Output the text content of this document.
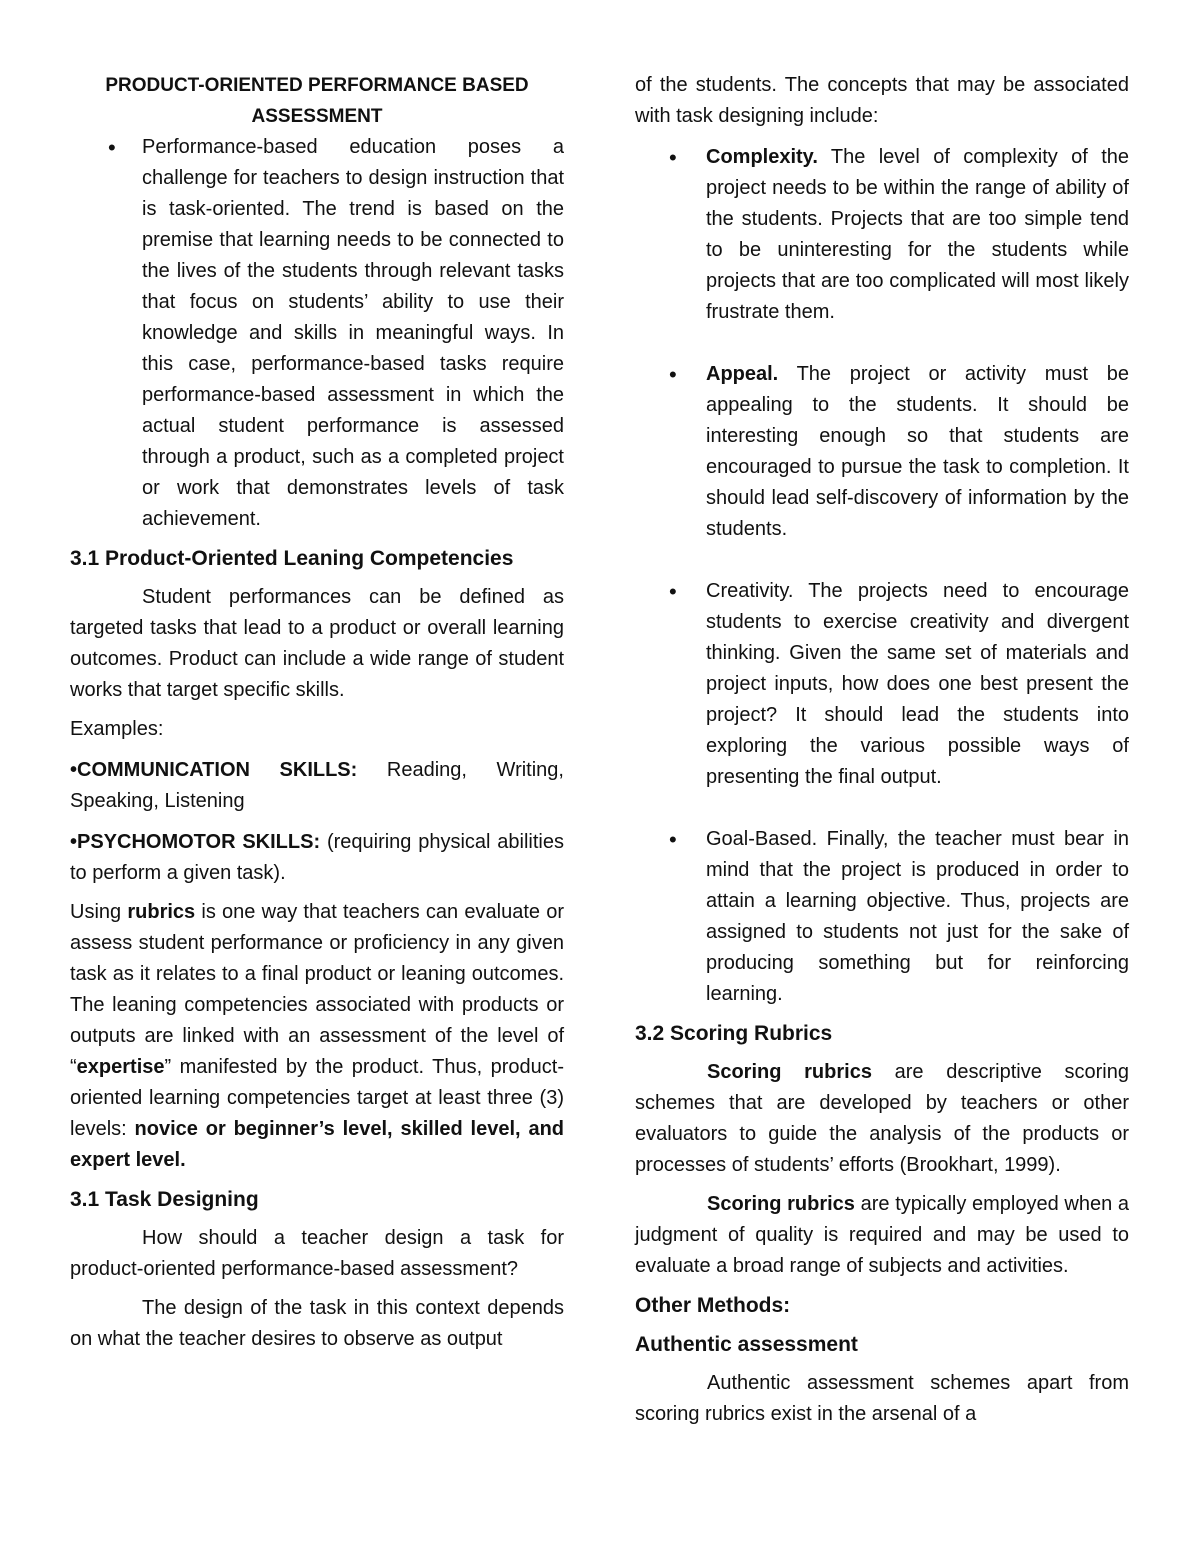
PRODUCT-ORIENTED PERFORMANCE BASED
ASSESSMENT

• Performance-based education poses a challenge for teachers to design instruction that is task-oriented. The trend is based on the premise that learning needs to be connected to the lives of the students through relevant tasks that focus on students’ ability to use their knowledge and skills in meaningful ways. In this case, performance-based tasks require performance-based assessment in which the actual student performance is assessed through a product, such as a completed project or work that demonstrates levels of task achievement.

3.1 Product-Oriented Leaning Competencies

Student performances can be defined as targeted tasks that lead to a product or overall learning outcomes. Product can include a wide range of student works that target specific skills.

Examples:

•COMMUNICATION SKILLS: Reading, Writing, Speaking, Listening

•PSYCHOMOTOR SKILLS: (requiring physical abilities to perform a given task).

Using rubrics is one way that teachers can evaluate or assess student performance or proficiency in any given task as it relates to a final product or leaning outcomes. The leaning competencies associated with products or outputs are linked with an assessment of the level of “expertise” manifested by the product. Thus, product-oriented learning competencies target at least three (3) levels: novice or beginner’s level, skilled level, and expert level.

3.1 Task Designing

How should a teacher design a task for product-oriented performance-based assessment?

The design of the task in this context depends on what the teacher desires to observe as output

of the students. The concepts that may be associated with task designing include:

• Complexity. The level of complexity of the project needs to be within the range of ability of the students. Projects that are too simple tend to be uninteresting for the students while projects that are too complicated will most likely frustrate them.

• Appeal. The project or activity must be appealing to the students. It should be interesting enough so that students are encouraged to pursue the task to completion. It should lead self-discovery of information by the students.

• Creativity. The projects need to encourage students to exercise creativity and divergent thinking. Given the same set of materials and project inputs, how does one best present the project? It should lead the students into exploring the various possible ways of presenting the final output.

• Goal-Based. Finally, the teacher must bear in mind that the project is produced in order to attain a learning objective. Thus, projects are assigned to students not just for the sake of producing something but for reinforcing learning.

3.2 Scoring Rubrics

Scoring rubrics are descriptive scoring schemes that are developed by teachers or other evaluators to guide the analysis of the products or processes of students’ efforts (Brookhart, 1999).

Scoring rubrics are typically employed when a judgment of quality is required and may be used to evaluate a broad range of subjects and activities.

Other Methods:

Authentic assessment

Authentic assessment schemes apart from scoring rubrics exist in the arsenal of a
